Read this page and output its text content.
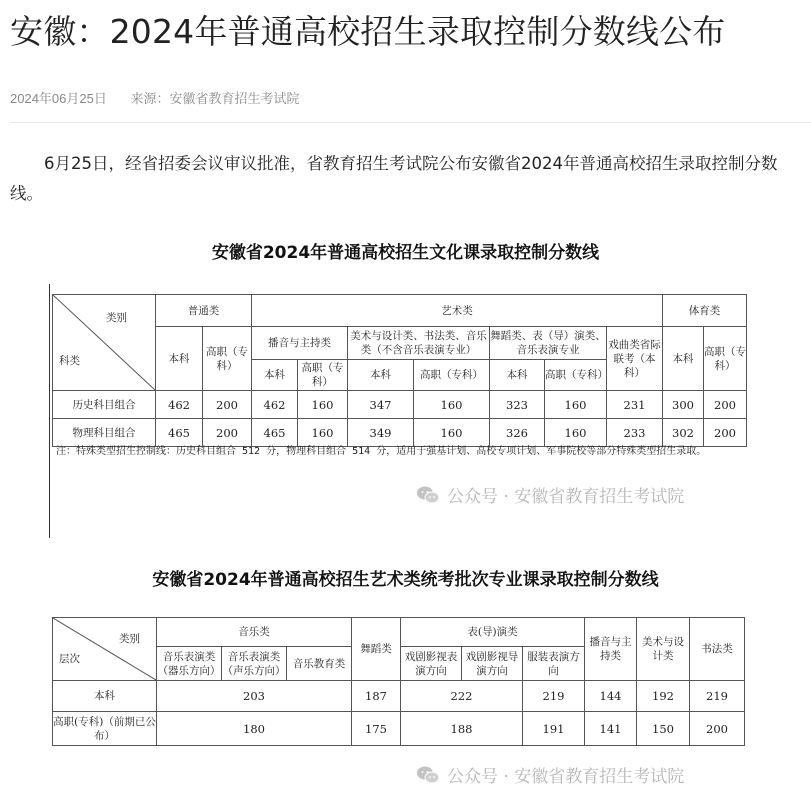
安徽：2024年普通高校招生录取控制分数线公布
2024年06月25日 来源：安徽省教育招生考试院
6月25日，经省招委会议审议批准，省教育招生考试院公布安徽省2024年普通高校招生录取控制分数线。
安徽省2024年普通高校招生文化课录取控制分数线
类别
科类	普通类		艺术类							体育类	
	本科	高职（专科）	播音与主持类		美术与设计类、书法类、音乐类（不含音乐表演专业）		舞蹈类、表（导）演类、音乐表演专业		戏曲类省际联考（本科）	本科	高职（专科）
			本科	高职（专科）	本科	高职（专科）	本科	高职（专科）			
历史科目组合	462	200	462	160	347	160	323	160	231	300	200
物理科目组合	465	200	465	160	349	160	326	160	233	302	200
注：特殊类型招生控制线：历史科目组合 512 分，物理科目组合 514 分，适用于强基计划、高校专项计划、军事院校等部分特殊类型招生录取。
公众号 · 安徽省教育招生考试院
安徽省2024年普通高校招生艺术类统考批次专业课录取控制分数线
类别
层次	音乐类			舞蹈类	表(导)演类			播音与主持类	美术与设计类	书法类
	音乐表演类（器乐方向）	音乐表演类（声乐方向）	音乐教育类		戏剧影视表演方向	戏剧影视导演方向	服装表演方向			
本科	203			187	222		219	144	192	219
高职(专科)（前期已公布）	180			175	188		191	141	150	200
公众号 · 安徽省教育招生考试院
